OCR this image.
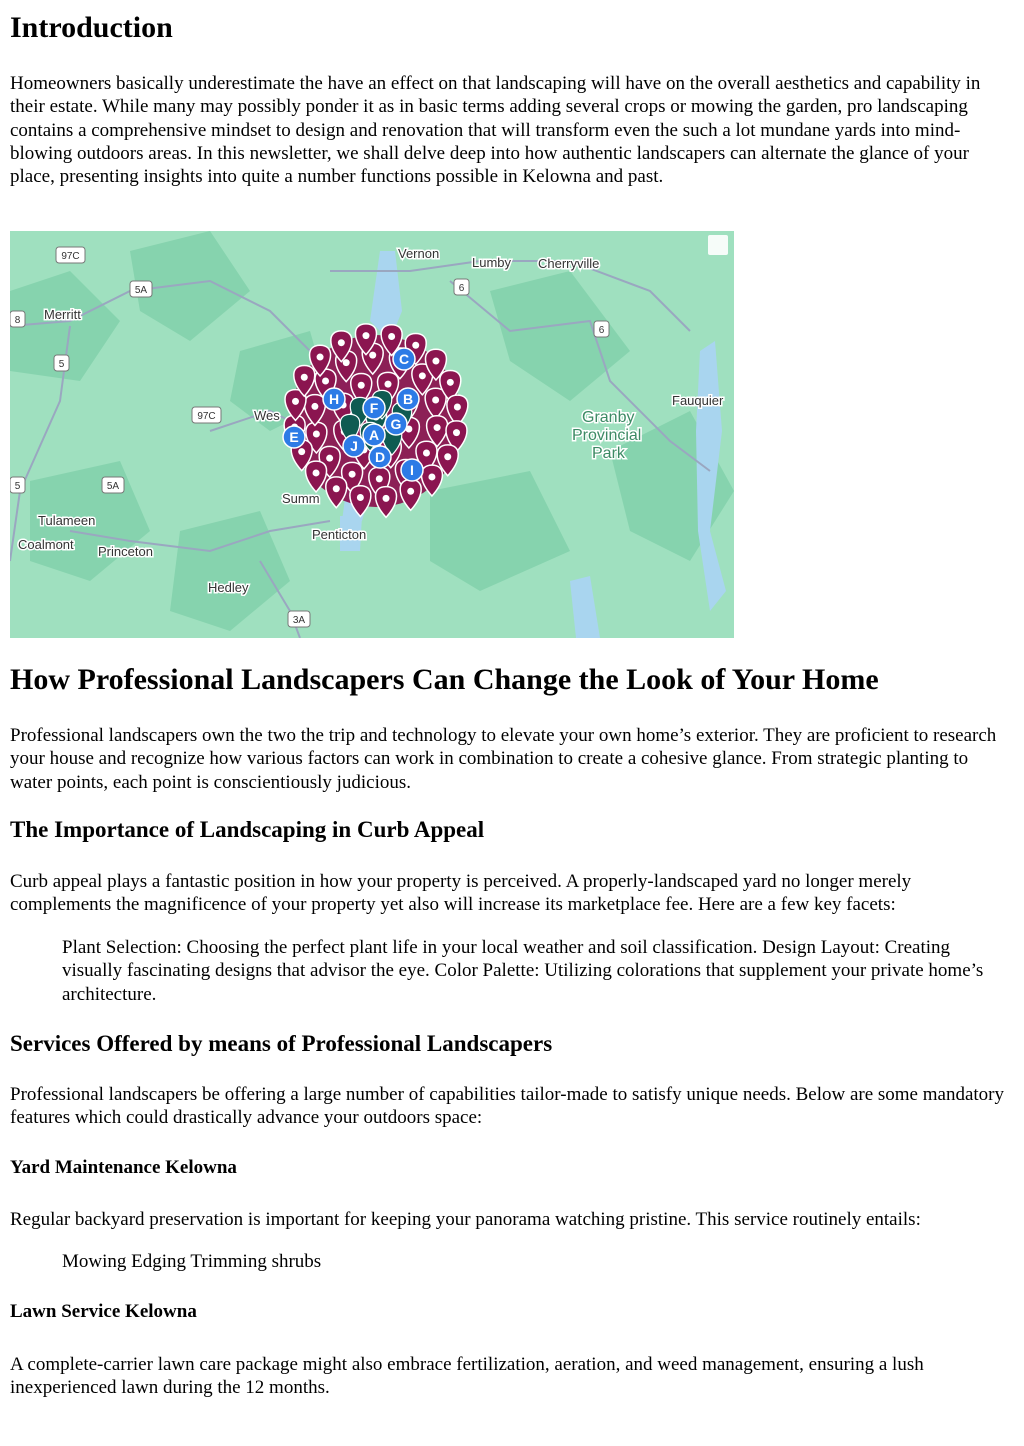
Introduction

Homeowners basically underestimate the have an effect on that landscaping will have on the overall aesthetics and capability in their estate. While many may possibly ponder it as in basic terms adding several crops or mowing the garden, pro landscaping contains a comprehensive mindset to design and renovation that will transform even the such a lot mundane yards into mind-blowing outdoors areas. In this newsletter, we shall delve deep into how authentic landscapers can alternate the glance of your place, presenting insights into quite a number functions possible in Kelowna and past.

97C
5A
8
5
6
6
97C
5	5A
3A
Vernon
Lumby Cherryville
Merritt
Fauquier
Granby
Provincial
Park
Wes
Summ
Penticton
Tulameen
Coalmont Princeton
Hedley
A
B
C
D
E
F
G
H
I
J
How Professional Landscapers Can Change the Look of Your Home

Professional landscapers own the two the trip and technology to elevate your own home’s exterior. They are proficient to research your house and recognize how various factors can work in combination to create a cohesive glance. From strategic planting to water points, each point is conscientiously judicious.

The Importance of Landscaping in Curb Appeal

Curb appeal plays a fantastic position in how your property is perceived. A properly-landscaped yard no longer merely complements the magnificence of your property yet also will increase its marketplace fee. Here are a few key facets:

Plant Selection: Choosing the perfect plant life in your local weather and soil classification. Design Layout: Creating visually fascinating designs that advisor the eye. Color Palette: Utilizing colorations that supplement your private home’s architecture.
Services Offered by means of Professional Landscapers

Professional landscapers be offering a large number of capabilities tailor-made to satisfy unique needs. Below are some mandatory features which could drastically advance your outdoors space:

Yard Maintenance Kelowna

Regular backyard preservation is important for keeping your panorama watching pristine. This service routinely entails:

Mowing Edging Trimming shrubs
Lawn Service Kelowna

A complete-carrier lawn care package might also embrace fertilization, aeration, and weed management, ensuring a lush inexperienced lawn during the 12 months.
